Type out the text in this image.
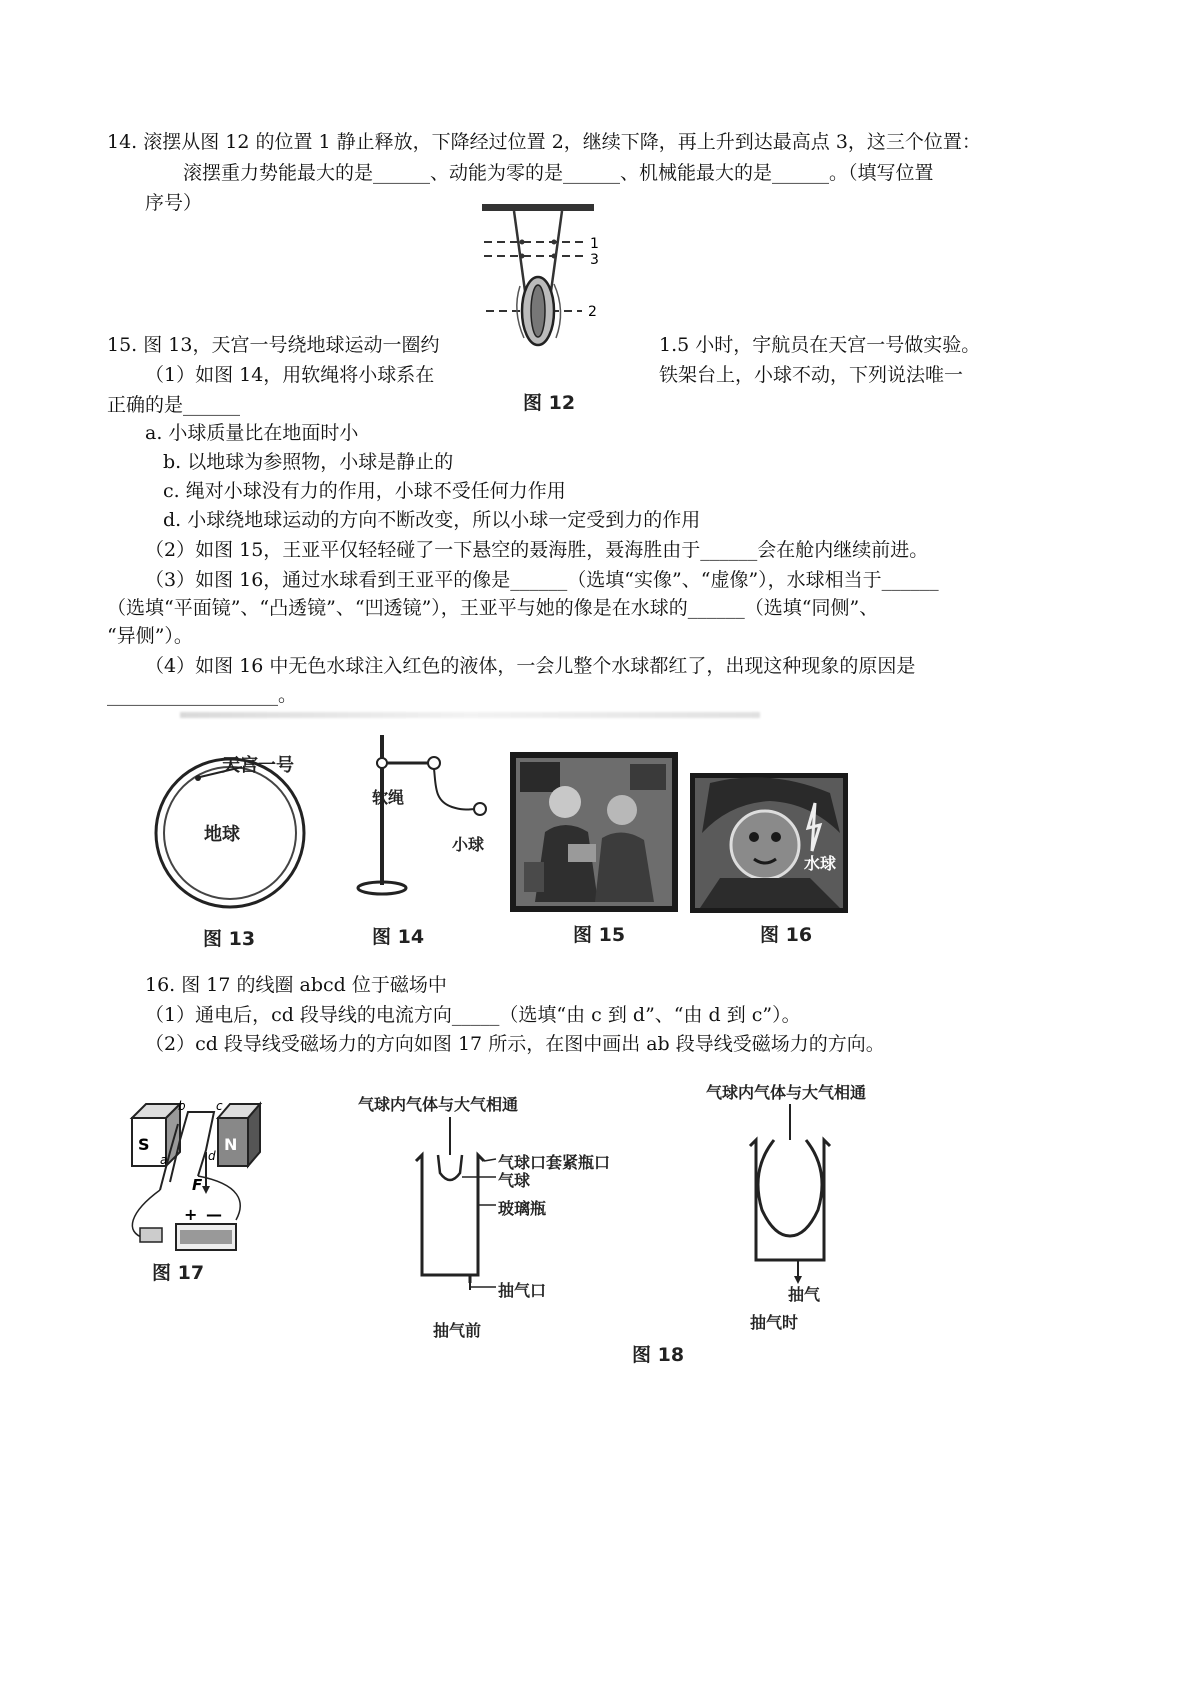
14. 滚摆从图 12 的位置 1 静止释放，下降经过位置 2，继续下降，再上升到达最高点 3，这三个位置：
滚摆重力势能最大的是______、动能为零的是______、机械能最大的是______。（填写位置
序号）
1
3
2
图 12
15. 图 13，天宫一号绕地球运动一圈约	1.5 小时，宇航员在天宫一号做实验。
（1）如图 14，用软绳将小球系在	铁架台上，小球不动，下列说法唯一
正确的是______
a. 小球质量比在地面时小
b. 以地球为参照物，小球是静止的
c. 绳对小球没有力的作用，小球不受任何力作用
d. 小球绕地球运动的方向不断改变，所以小球一定受到力的作用
（2）如图 15，王亚平仅轻轻碰了一下悬空的聂海胜，聂海胜由于______会在舱内继续前进。
（3）如图 16，通过水球看到王亚平的像是______（选填“实像”、“虚像”），水球相当于______
（选填“平面镜”、“凸透镜”、“凹透镜”），王亚平与她的像是在水球的______（选填“同侧”、
“异侧”）。
（4）如图 16 中无色水球注入红色的液体，一会儿整个水球都红了，出现这种现象的原因是
__________________。
天宫一号
地球
图 13
软绳
小球
图 14	图 15
水球
图 16
16. 图 17 的线圈 abcd 位于磁场中
（1）通电后，cd 段导线的电流方向_____（选填“由 c 到 d”、“由 d 到 c”）。
（2）cd 段导线受磁场力的方向如图 17 所示，在图中画出 ab 段导线受磁场力的方向。
S	N
b	c
a	d
F
+ —
图 17
气球内气体与大气相通
气球口套紧瓶口
气球
玻璃瓶
抽气口
抽气前
气球内气体与大气相通
抽气
抽气时
图 18
